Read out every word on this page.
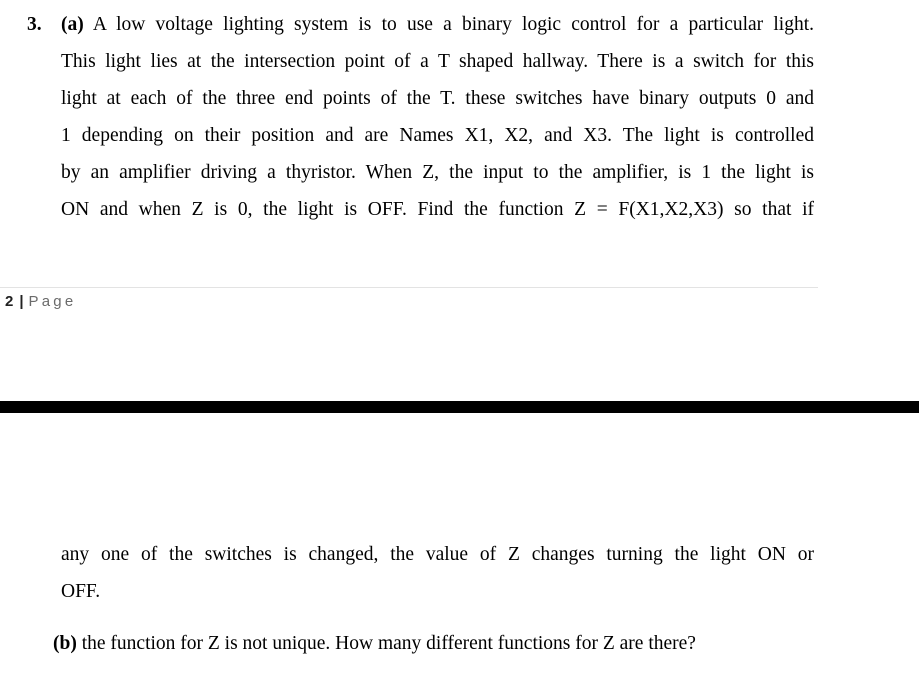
3. (a) A low voltage lighting system is to use a binary logic control for a particular light.
This light lies at the intersection point of a T shaped hallway. There is a switch for this
light at each of the three end points of the T. these switches have binary outputs 0 and
1 depending on their position and are Names X1, X2, and X3. The light is controlled
by an amplifier driving a thyristor. When Z, the input to the amplifier, is 1 the light is
ON and when Z is 0, the light is OFF. Find the function Z = F(X1,X2,X3) so that if
2 | Page
any one of the switches is changed, the value of Z changes turning the light ON or
OFF.
(b) the function for Z is not unique. How many different functions for Z are there?
